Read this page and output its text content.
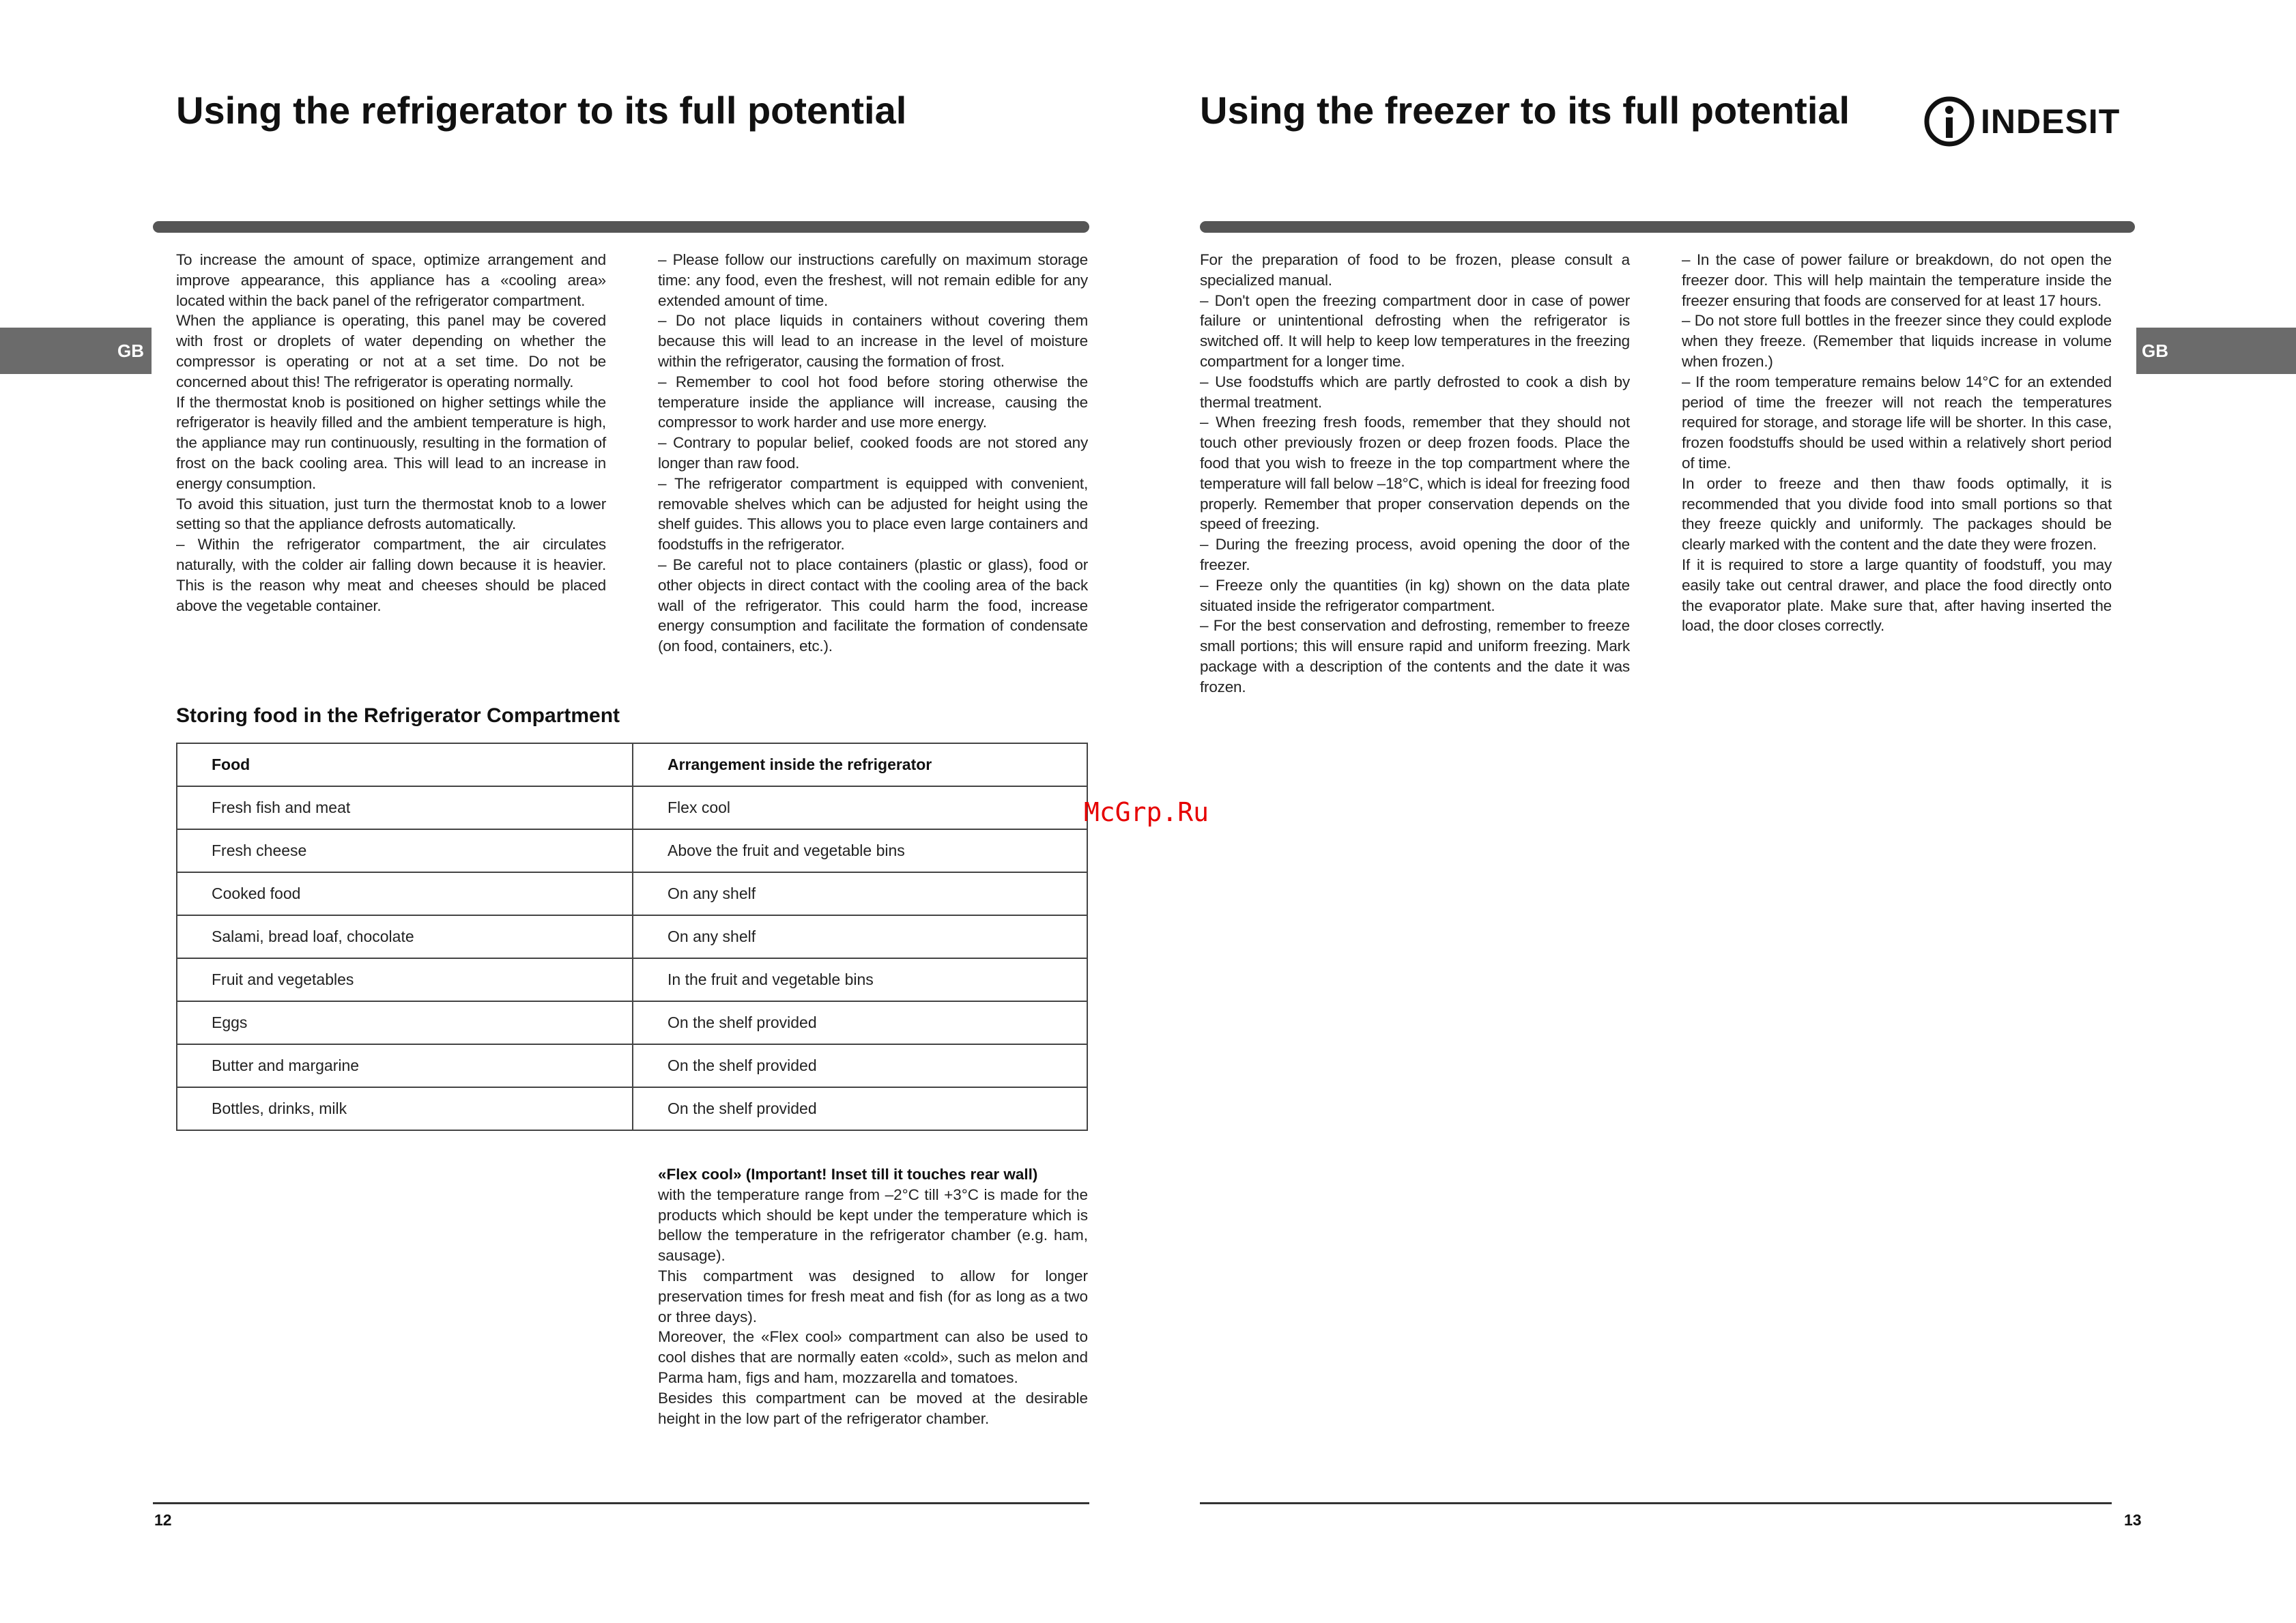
Using the refrigerator to its full potential
GB

To increase the amount of space, optimize arrangement and improve appearance, this appliance has a «cooling area» located within the back panel of the refrigerator compartment.

When the appliance is operating, this panel may be covered with frost or droplets of water depending on whether the compressor is operating or not at a set time. Do not be concerned about this! The refrigerator is operating normally.

If the thermostat knob is positioned on higher settings while the refrigerator is heavily filled and the ambient temperature is high, the appliance may run continuously, resulting in the formation of frost on the back cooling area. This will lead to an increase in energy consumption.

To avoid this situation, just turn the thermostat knob to a lower setting so that the appliance defrosts automatically.

– Within the refrigerator compartment, the air circulates naturally, with the colder air falling down because it is heavier. This is the reason why meat and cheeses should be placed above the vegetable container.

– Please follow our instructions carefully on maximum storage time: any food, even the freshest, will not remain edible for any extended amount of time.

– Do not place liquids in containers without covering them because this will lead to an increase in the level of moisture within the refrigerator, causing the formation of frost.

– Remember to cool hot food before storing otherwise the temperature inside the appliance will increase, causing the compressor to work harder and use more energy.

– Contrary to popular belief, cooked foods are not stored any longer than raw food.

– The refrigerator compartment is equipped with convenient, removable shelves which can be adjusted for height using the shelf guides. This allows you to place even large containers and foodstuffs in the refrigerator.

– Be careful not to place containers (plastic or glass), food or other objects in direct contact with the cooling area of the back wall of the refrigerator. This could harm the food, increase energy consumption and facilitate the formation of condensate (on food, containers, etc.).

Storing food in the Refrigerator Compartment
Food	Arrangement inside the refrigerator
Fresh fish and meat	Flex cool
Fresh cheese	Above the fruit and vegetable bins
Cooked food	On any shelf
Salami, bread loaf, chocolate	On any shelf
Fruit and vegetables	In the fruit and vegetable bins
Eggs	On the shelf provided
Butter and margarine	On the shelf provided
Bottles, drinks, milk	On the shelf provided

«Flex cool» (Important! Inset till it touches rear wall)

with the temperature range from –2°C till +3°C is made for the products which should be kept under the temperature which is bellow the temperature in the refrigerator chamber (e.g. ham, sausage).

This compartment was designed to allow for longer preservation times for fresh meat and fish (for as long as a two or three days).

Moreover, the «Flex cool» compartment can also be used to cool dishes that are normally eaten «cold», such as melon and Parma ham, figs and ham, mozzarella and tomatoes.

Besides this compartment can be moved at the desirable height in the low part of the refrigerator chamber.

12
McGrp.Ru
Using the freezer to its full potential	INDESIT
GB

For the preparation of food to be frozen, please consult a specialized manual.

– Don't open the freezing compartment door in case of power failure or unintentional defrosting when the refrigerator is switched off. It will help to keep low temperatures in the freezing compartment for a longer time.

– Use foodstuffs which are partly defrosted to cook a dish by thermal treatment.

– When freezing fresh foods, remember that they should not touch other previously frozen or deep frozen foods. Place the food that you wish to freeze in the top compartment where the temperature will fall below –18°C, which is ideal for freezing food properly. Remember that proper conservation depends on the speed of freezing.

– During the freezing process, avoid opening the door of the freezer.

– Freeze only the quantities (in kg) shown on the data plate situated inside the refrigerator compartment.

– For the best conservation and defrosting, remember to freeze small portions; this will ensure rapid and uniform freezing. Mark package with a description of the contents and the date it was frozen.

– In the case of power failure or breakdown, do not open the freezer door. This will help maintain the temperature inside the freezer ensuring that foods are conserved for at least 17 hours.

– Do not store full bottles in the freezer since they could explode when they freeze. (Remember that liquids increase in volume when frozen.)

– If the room temperature remains below 14°C for an extended period of time the freezer will not reach the temperatures required for storage, and storage life will be shorter. In this case, frozen foodstuffs should be used within a relatively short period of time.

In order to freeze and then thaw foods optimally, it is recommended that you divide food into small portions so that they freeze quickly and uniformly. The packages should be clearly marked with the content and the date they were frozen.

If it is required to store a large quantity of foodstuff, you may easily take out central drawer, and place the food directly onto the evaporator plate. Make sure that, after having inserted the load, the door closes correctly.

13
